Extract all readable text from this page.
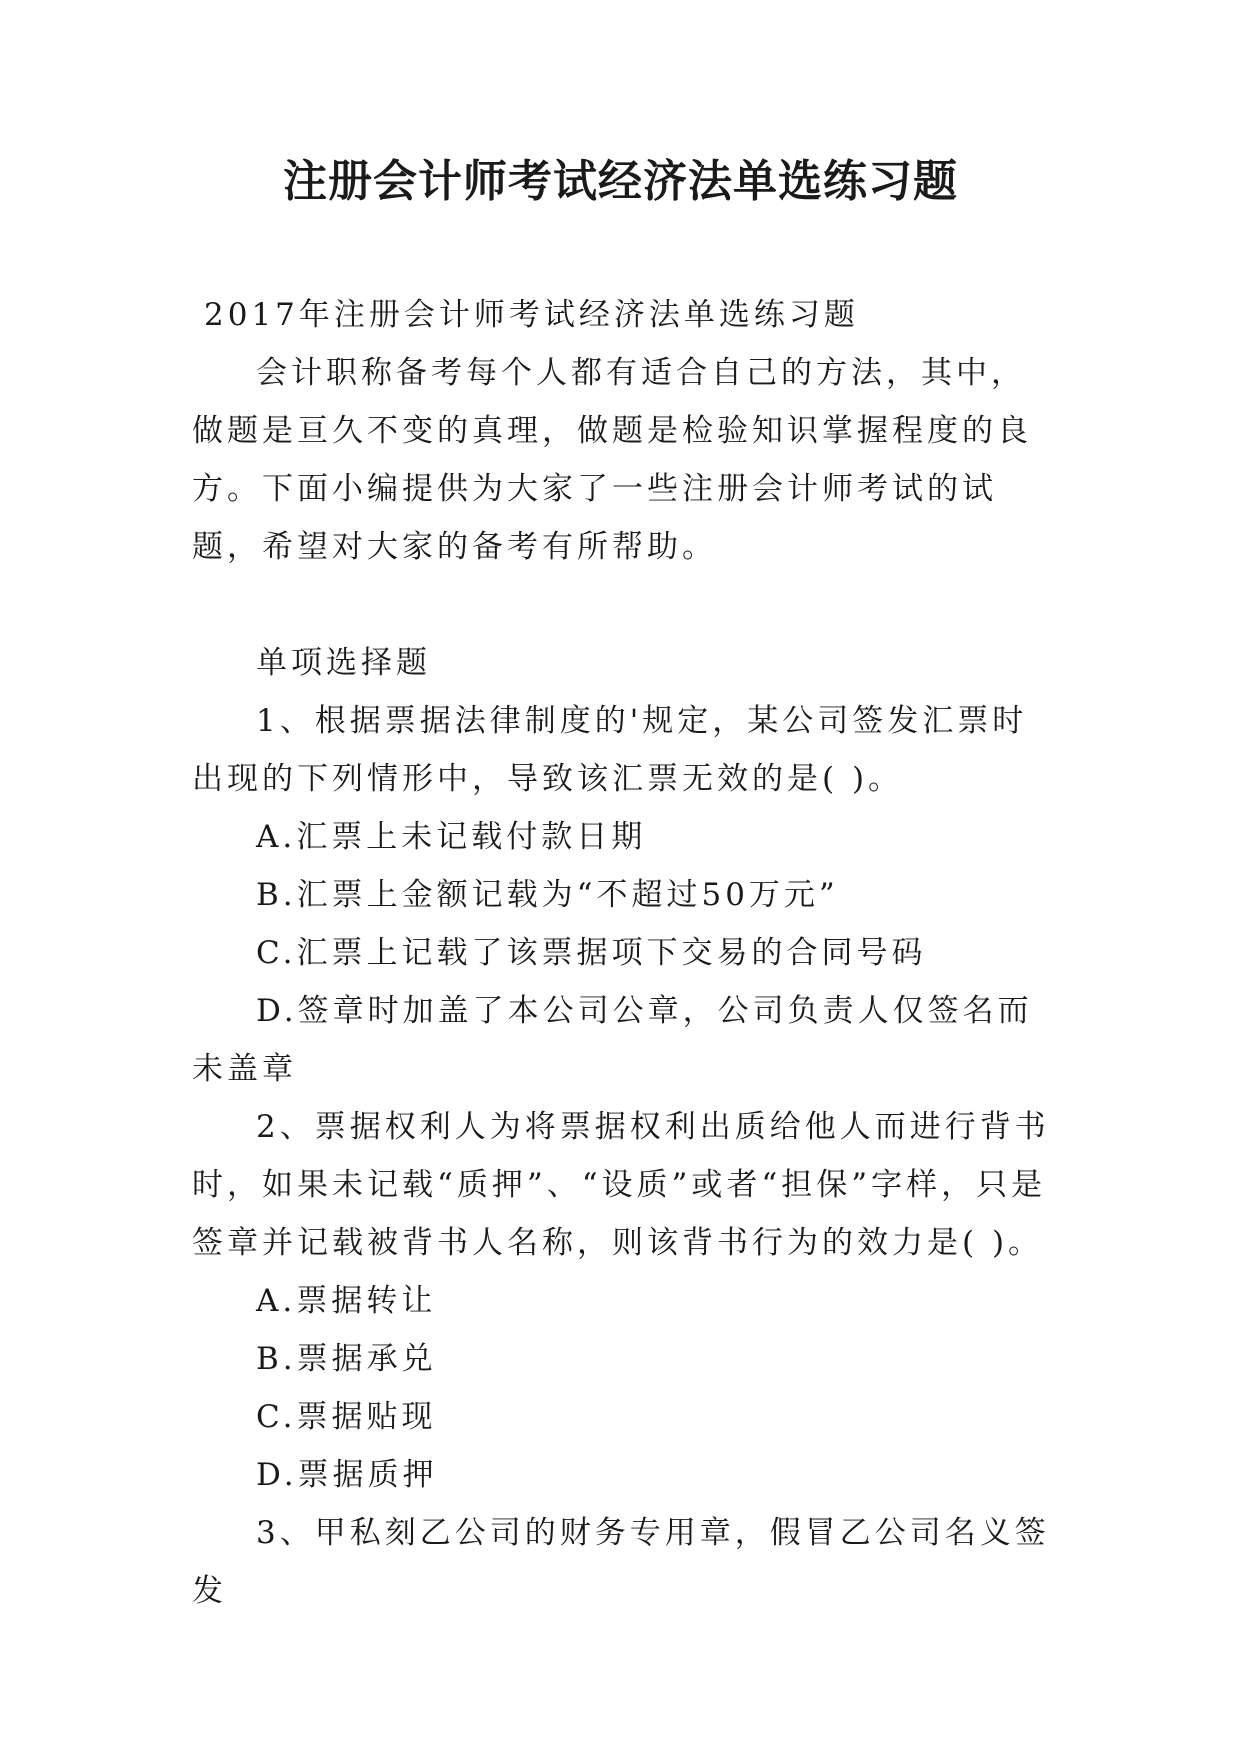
注册会计师考试经济法单选练习题

2017年注册会计师考试经济法单选练习题

会计职称备考每个人都有适合自己的方法，其中，做题是亘久不变的真理，做题是检验知识掌握程度的良方。下面小编提供为大家了一些注册会计师考试的试题，希望对大家的备考有所帮助。

单项选择题

1、根据票据法律制度的'规定，某公司签发汇票时出现的下列情形中，导致该汇票无效的是( )。

A.汇票上未记载付款日期

B.汇票上金额记载为“不超过50万元”

C.汇票上记载了该票据项下交易的合同号码

D.签章时加盖了本公司公章，公司负责人仅签名而未盖章

2、票据权利人为将票据权利出质给他人而进行背书时，如果未记载“质押”、“设质”或者“担保”字样，只是签章并记载被背书人名称，则该背书行为的效力是( )。

A.票据转让

B.票据承兑

C.票据贴现

D.票据质押

3、甲私刻乙公司的财务专用章，假冒乙公司名义签发
